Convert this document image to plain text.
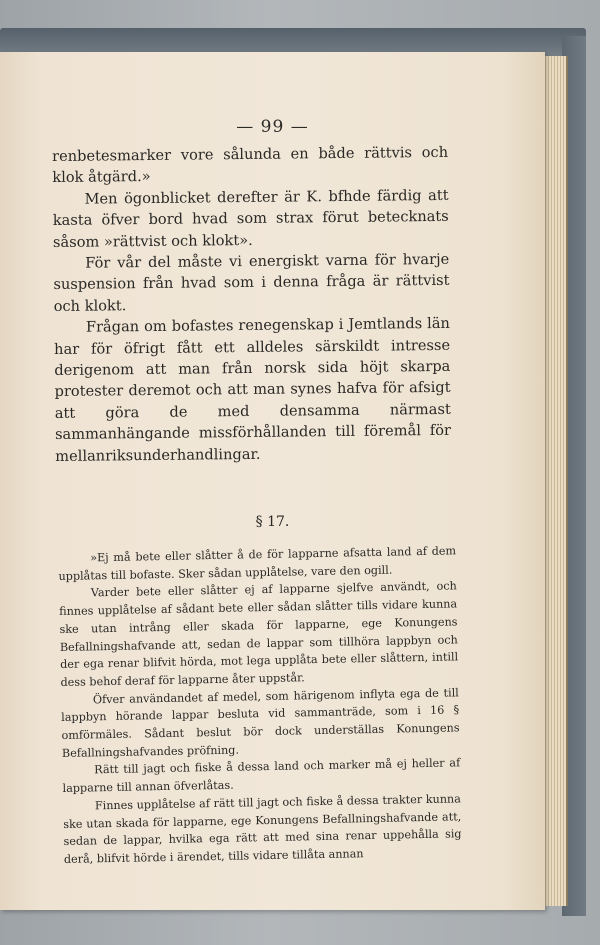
— 99 —

renbetesmarker vore sålunda en både rättvis och klok åtgärd.»

Men ögonblicket derefter är K. bfhde färdig att kasta öfver bord hvad som strax förut betecknats såsom »rättvist och klokt».

För vår del måste vi energiskt varna för hvarje suspension från hvad som i denna fråga är rättvist och klokt.

Frågan om bofastes renegenskap i Jemtlands län har för öfrigt fått ett alldeles särskildt intresse derigenom att man från norsk sida höjt skarpa protester deremot och att man synes hafva för afsigt att göra de med densamma närmast sammanhängande missförhållanden till föremål för mellanriksunderhandlingar.

§ 17.

»Ej må bete eller slåtter å de för lapparne afsatta land af dem upplåtas till bofaste. Sker sådan upplåtelse, vare den ogill.

Varder bete eller slåtter ej af lapparne sjelfve användt, och finnes upplåtelse af sådant bete eller sådan slåtter tills vidare kunna ske utan intrång eller skada för lapparne, ege Konungens Befallningshafvande att, sedan de lappar som tillhöra lappbyn och der ega renar blifvit hörda, mot lega upplåta bete eller slåttern, intill dess behof deraf för lapparne åter uppstår.

Öfver användandet af medel, som härigenom inflyta ega de till lappbyn hörande lappar besluta vid sammanträde, som i 16 § omförmäles. Sådant beslut bör dock underställas Konungens Befallningshafvandes pröfning.

Rätt till jagt och fiske å dessa land och marker må ej heller af lapparne till annan öfverlåtas.

Finnes upplåtelse af rätt till jagt och fiske å dessa trakter kunna ske utan skada för lapparne, ege Konungens Befallningshafvande att, sedan de lappar, hvilka ega rätt att med sina renar uppehålla sig derå, blifvit hörde i ärendet, tills vidare tillåta annan
